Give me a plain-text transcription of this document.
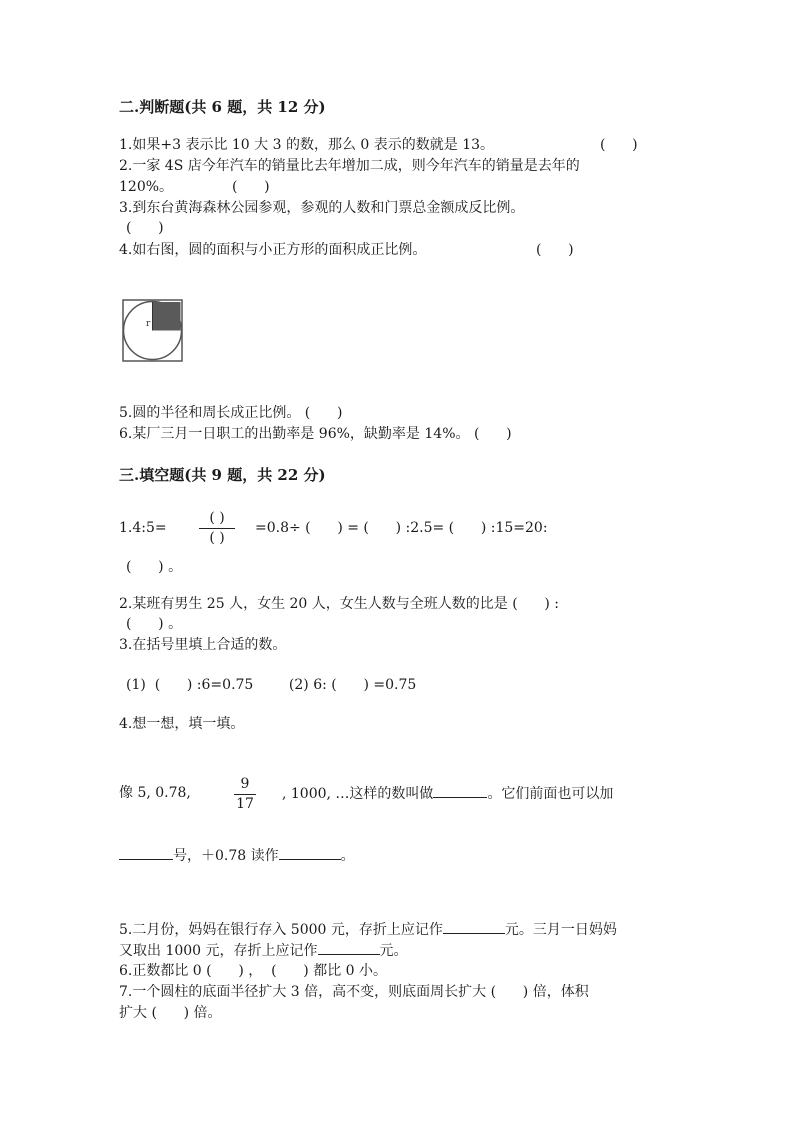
二.判断题(共 6 题，共 12 分)
1.如果+3 表示比 10 大 3 的数，那么 0 表示的数就是 13。	(      )
2.一家 4S 店今年汽车的销量比去年增加二成，则今年汽车的销量是去年的
120%。	(      )
3.到东台黄海森林公园参观，参观的人数和门票总金额成反比例。
(      )
4.如右图，圆的面积与小正方形的面积成正比例。	(      )
r
5.圆的半径和周长成正比例。 (      )
6.某厂三月一日职工的出勤率是 96%，缺勤率是 14%。 (      )
三.填空题(共 9 题，共 22 分)
1.4:5=
( )
( )
=0.8÷ (      ) = (      ) :2.5= (      ) :15=20:
(      ) 。
2.某班有男生 25 人，女生 20 人，女生人数与全班人数的比是 (      ) :
(      ) 。
3.在括号里填上合适的数。
(1)  (      ) :6=0.75        (2) 6: (      ) =0.75
4.想一想，填一填。
像 5, 0.78,
9
17
, 1000, …这样的数叫做	。它们前面也可以加
号，＋0.78 读作	。
5.二月份，妈妈在银行存入 5000 元，存折上应记作	元。三月一日妈妈
又取出 1000 元，存折上应记作	元。
6.正数都比 0 (      ) ，  (      ) 都比 0 小。
7.一个圆柱的底面半径扩大 3 倍，高不变，则底面周长扩大 (      ) 倍，体积
扩大 (      ) 倍。
